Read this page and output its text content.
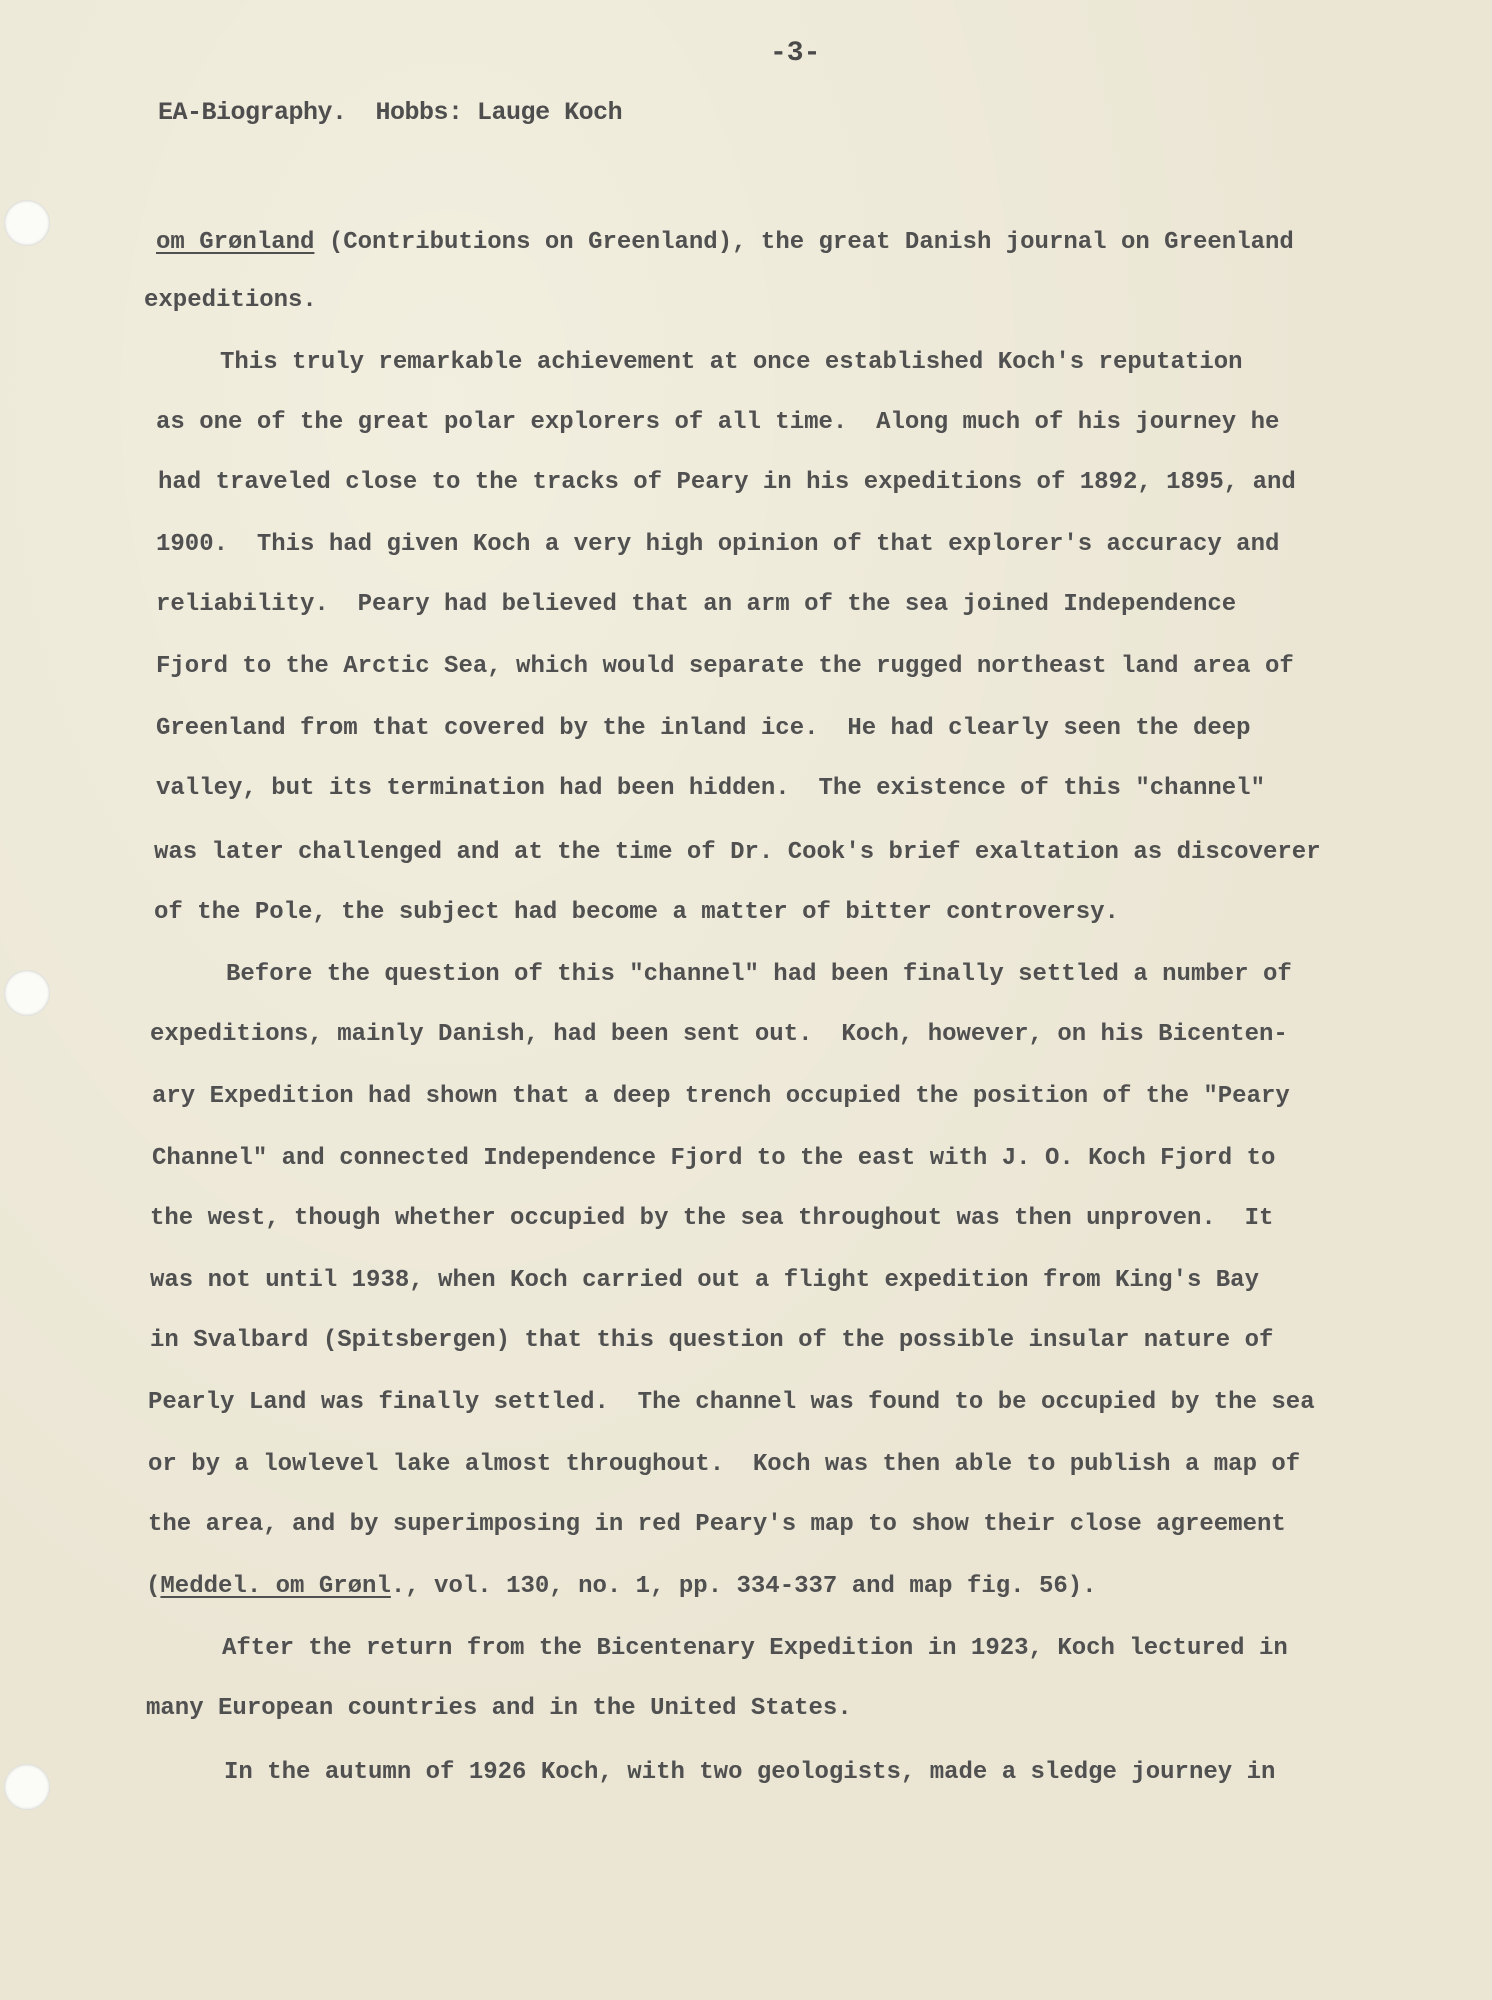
-3-
EA-Biography.  Hobbs: Lauge Koch
om Grønland (Contributions on Greenland), the great Danish journal on Greenland
expeditions.
This truly remarkable achievement at once established Koch's reputation
as one of the great polar explorers of all time.  Along much of his journey he
had traveled close to the tracks of Peary in his expeditions of 1892, 1895, and
1900.  This had given Koch a very high opinion of that explorer's accuracy and
reliability.  Peary had believed that an arm of the sea joined Independence
Fjord to the Arctic Sea, which would separate the rugged northeast land area of
Greenland from that covered by the inland ice.  He had clearly seen the deep
valley, but its termination had been hidden.  The existence of this "channel"
was later challenged and at the time of Dr. Cook's brief exaltation as discoverer
of the Pole, the subject had become a matter of bitter controversy.
Before the question of this "channel" had been finally settled a number of
expeditions, mainly Danish, had been sent out.  Koch, however, on his Bicenten-
ary Expedition had shown that a deep trench occupied the position of the "Peary
Channel" and connected Independence Fjord to the east with J. O. Koch Fjord to
the west, though whether occupied by the sea throughout was then unproven.  It
was not until 1938, when Koch carried out a flight expedition from King's Bay
in Svalbard (Spitsbergen) that this question of the possible insular nature of
Pearly Land was finally settled.  The channel was found to be occupied by the sea
or by a lowlevel lake almost throughout.  Koch was then able to publish a map of
the area, and by superimposing in red Peary's map to show their close agreement
(Meddel. om Grønl., vol. 130, no. 1, pp. 334-337 and map fig. 56).
After the return from the Bicentenary Expedition in 1923, Koch lectured in
many European countries and in the United States.
In the autumn of 1926 Koch, with two geologists, made a sledge journey in
